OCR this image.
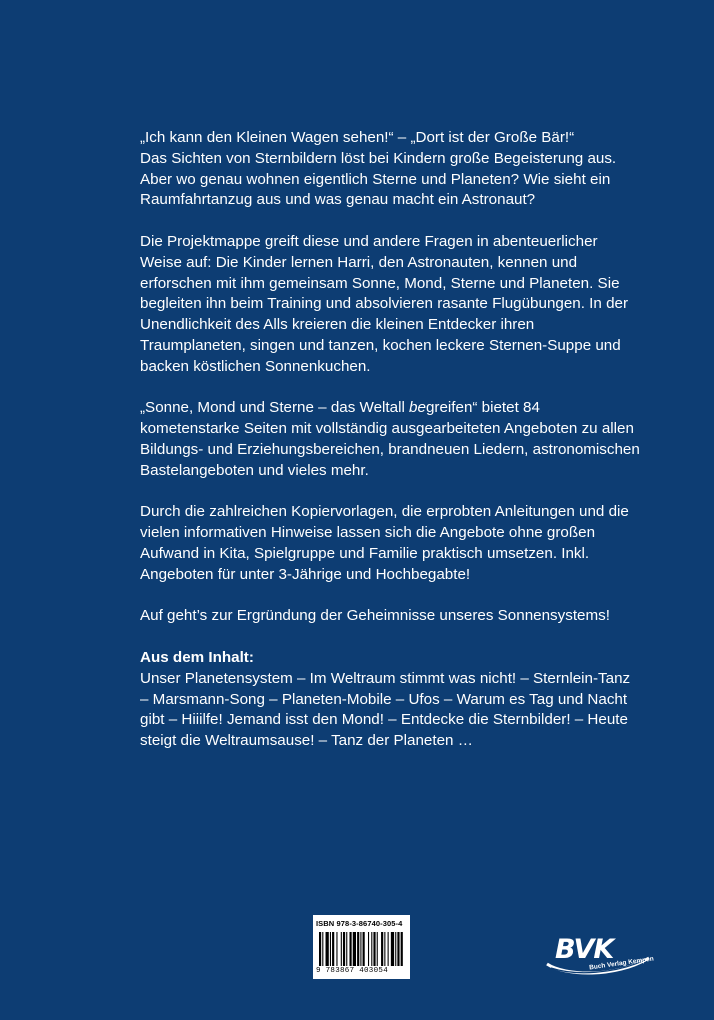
„Ich kann den Kleinen Wagen sehen!“ – „Dort ist der Große Bär!“
Das Sichten von Sternbildern löst bei Kindern große Begeisterung aus. Aber wo genau wohnen eigentlich Sterne und Planeten? Wie sieht ein Raumfahrtanzug aus und was genau macht ein Astronaut?

Die Projektmappe greift diese und andere Fragen in abenteuerlicher Weise auf: Die Kinder lernen Harri, den Astronauten, kennen und erforschen mit ihm gemeinsam Sonne, Mond, Sterne und Planeten. Sie begleiten ihn beim Training und absolvieren rasante Flugübungen. In der Unendlichkeit des Alls kreieren die kleinen Entdecker ihren Traumplaneten, singen und tanzen, kochen leckere Sternen-Suppe und backen köstlichen Sonnenkuchen.

„Sonne, Mond und Sterne – das Weltall begreifen“ bietet 84 kometenstarke Seiten mit vollständig ausgearbeiteten Angeboten zu allen Bildungs- und Erziehungsbereichen, brandneuen Liedern, astronomischen Bastelangeboten und vieles mehr.

Durch die zahlreichen Kopiervorlagen, die erprobten Anleitungen und die vielen informativen Hinweise lassen sich die Angebote ohne großen Aufwand in Kita, Spielgruppe und Familie praktisch umsetzen. Inkl. Angeboten für unter 3-Jährige und Hochbegabte!

Auf geht’s zur Ergründung der Geheimnisse unseres Sonnensystems!

Aus dem Inhalt:
Unser Planetensystem – Im Weltraum stimmt was nicht! – Sternlein-Tanz – Marsmann-Song – Planeten-Mobile – Ufos – Warum es Tag und Nacht gibt – Hiiilfe! Jemand isst den Mond! – Entdecke die Sternbilder! – Heute steigt die Weltraumsause! – Tanz der Planeten …

ISBN 978-3-86740-305-4
9 783867 403054
BVK
Buch Verlag Kempen
